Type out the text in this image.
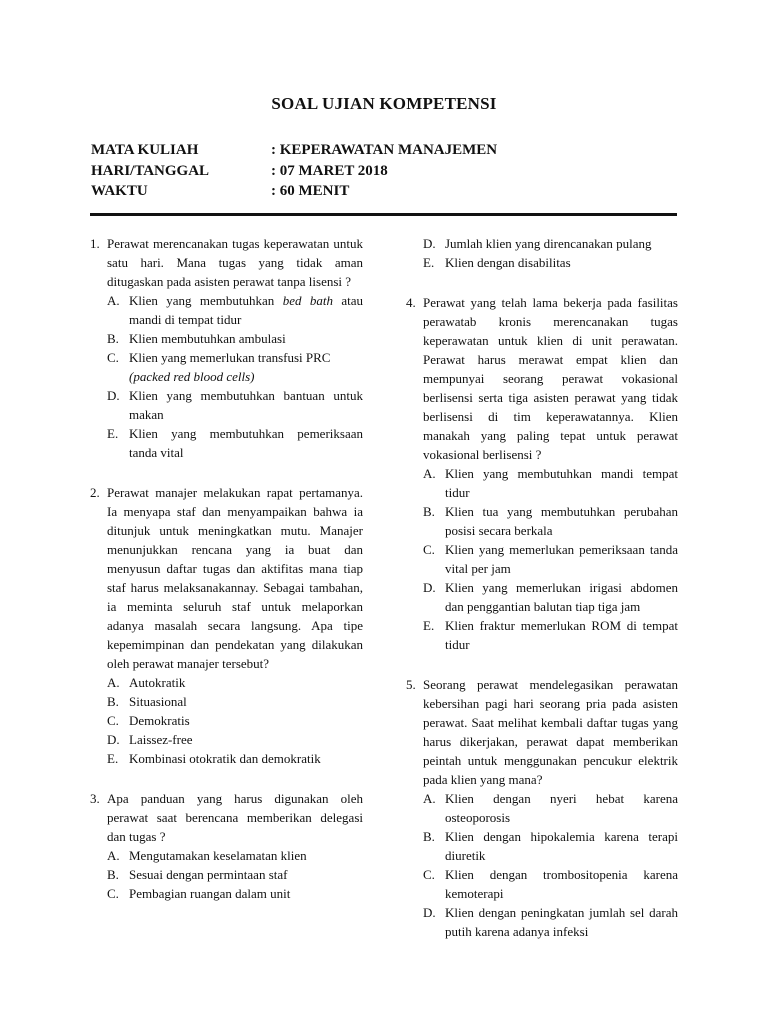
SOAL UJIAN KOMPETENSI
MATA KULIAH	: KEPERAWATAN MANAJEMEN
HARI/TANGGAL	: 07 MARET 2018
WAKTU	: 60 MENIT
1. Perawat merencanakan tugas keperawatan untuk satu hari. Mana tugas yang tidak aman ditugaskan pada asisten perawat tanpa lisensi ?
A. Klien yang membutuhkan bed bath atau mandi di tempat tidur
B. Klien membutuhkan ambulasi
C. Klien yang memerlukan transfusi PRC
(packed red blood cells)
D. Klien yang membutuhkan bantuan untuk makan
E. Klien yang membutuhkan pemeriksaan tanda vital
2. Perawat manajer melakukan rapat pertamanya. Ia menyapa staf dan menyampaikan bahwa ia ditunjuk untuk meningkatkan mutu. Manajer menunjukkan rencana yang ia buat dan menyusun daftar tugas dan aktifitas mana tiap staf harus melaksanakannay. Sebagai tambahan, ia meminta seluruh staf untuk melaporkan adanya masalah secara langsung. Apa tipe kepemimpinan dan pendekatan yang dilakukan oleh perawat manajer tersebut?
A. Autokratik
B. Situasional
C. Demokratis
D. Laissez-free
E. Kombinasi otokratik dan demokratik
3. Apa panduan yang harus digunakan oleh perawat saat berencana memberikan delegasi dan tugas ?
A. Mengutamakan keselamatan klien
B. Sesuai dengan permintaan staf
C. Pembagian ruangan dalam unit
D. Jumlah klien yang direncanakan pulang
E. Klien dengan disabilitas
4. Perawat yang telah lama bekerja pada fasilitas perawatab kronis merencanakan tugas keperawatan untuk klien di unit perawatan. Perawat harus merawat empat klien dan mempunyai seorang perawat vokasional berlisensi serta tiga asisten perawat yang tidak berlisensi di tim keperawatannya. Klien manakah yang paling tepat untuk perawat vokasional berlisensi ?
A. Klien yang membutuhkan mandi tempat tidur
B. Klien tua yang membutuhkan perubahan posisi secara berkala
C. Klien yang memerlukan pemeriksaan tanda vital per jam
D. Klien yang memerlukan irigasi abdomen dan penggantian balutan tiap tiga jam
E. Klien fraktur memerlukan ROM di tempat tidur
5. Seorang perawat mendelegasikan perawatan kebersihan pagi hari seorang pria pada asisten perawat. Saat melihat kembali daftar tugas yang harus dikerjakan, perawat dapat memberikan peintah untuk menggunakan pencukur elektrik pada klien yang mana?
A. Klien dengan nyeri hebat karena osteoporosis
B. Klien dengan hipokalemia karena terapi diuretik
C. Klien dengan trombositopenia karena kemoterapi
D. Klien dengan peningkatan jumlah sel darah putih karena adanya infeksi
